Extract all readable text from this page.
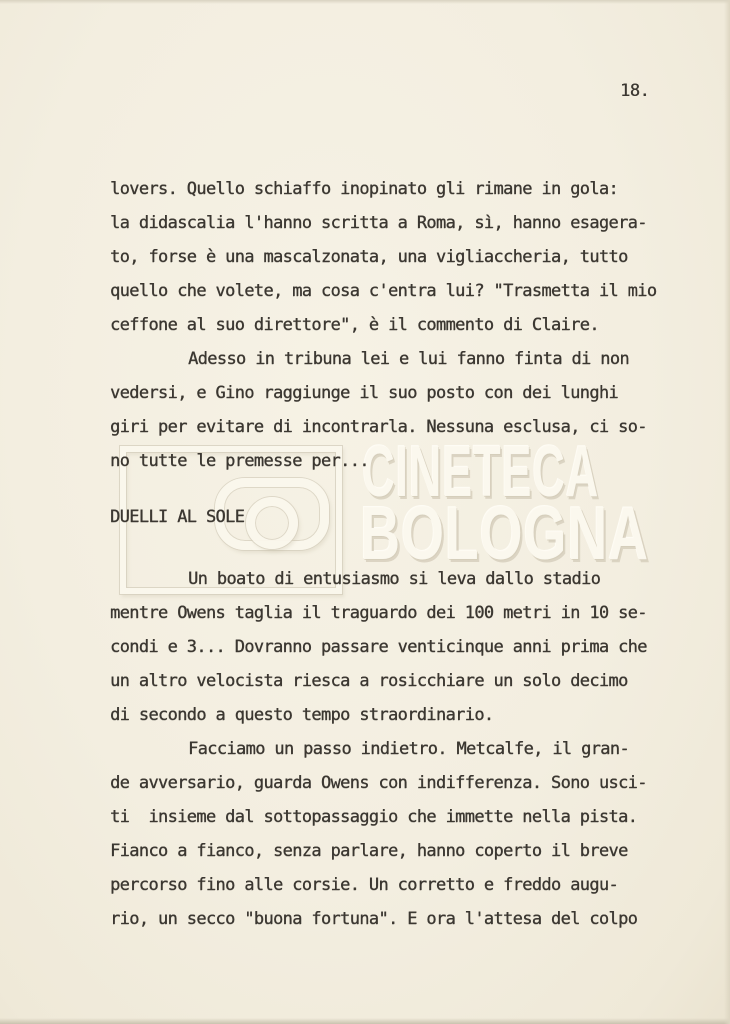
CINETECA
BOLOGNA
18.
lovers. Quello schiaffo inopinato gli rimane in gola:
la didascalia l'hanno scritta a Roma, sì, hanno esagera-
to, forse è una mascalzonata, una vigliaccheria, tutto
quello che volete, ma cosa c'entra lui? "Trasmetta il mio
ceffone al suo direttore", è il commento di Claire.
Adesso in tribuna lei e lui fanno finta di non
vedersi, e Gino raggiunge il suo posto con dei lunghi
giri per evitare di incontrarla. Nessuna esclusa, ci so-
no tutte le premesse per...
DUELLI AL SOLE
Un boato di entusiasmo si leva dallo stadio
mentre Owens taglia il traguardo dei 100 metri in 10 se-
condi e 3... Dovranno passare venticinque anni prima che
un altro velocista riesca a rosicchiare un solo decimo
di secondo a questo tempo straordinario.
Facciamo un passo indietro. Metcalfe, il gran-
de avversario, guarda Owens con indifferenza. Sono usci-
ti  insieme dal sottopassaggio che immette nella pista.
Fianco a fianco, senza parlare, hanno coperto il breve
percorso fino alle corsie. Un corretto e freddo augu-
rio, un secco "buona fortuna". E ora l'attesa del colpo
